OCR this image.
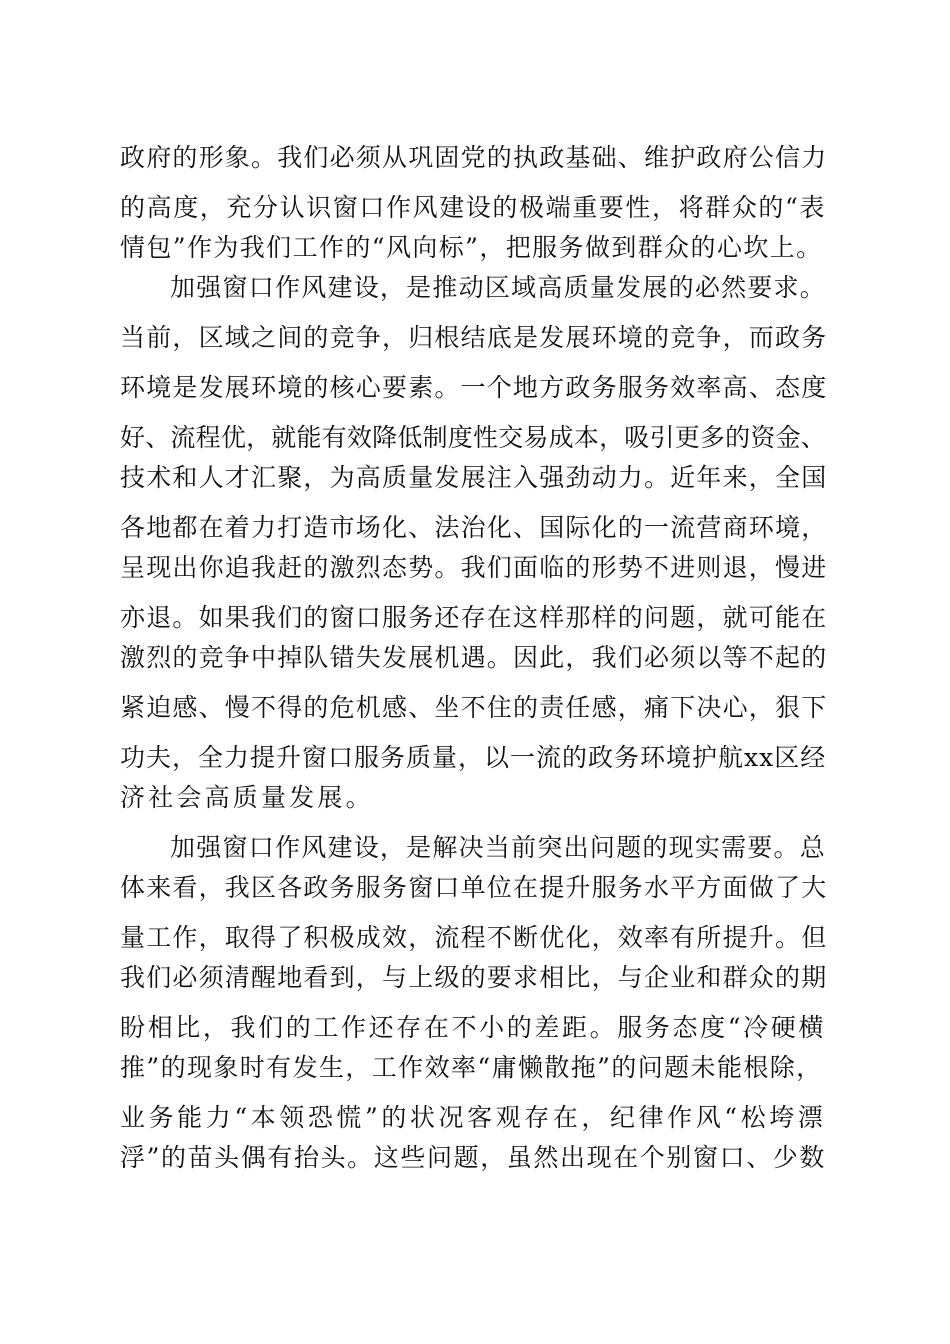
政府的形象。我们必须从巩固党的执政基础、维护政府公信力
的高度，充分认识窗口作风建设的极端重要性，将群众的“表
情包”作为我们工作的“风向标”，把服务做到群众的心坎上。
加强窗口作风建设，是推动区域高质量发展的必然要求。
当前，区域之间的竞争，归根结底是发展环境的竞争，而政务
环境是发展环境的核心要素。一个地方政务服务效率高、态度
好、流程优，就能有效降低制度性交易成本，吸引更多的资金、
技术和人才汇聚，为高质量发展注入强劲动力。近年来，全国
各地都在着力打造市场化、法治化、国际化的一流营商环境，
呈现出你追我赶的激烈态势。我们面临的形势不进则退，慢进
亦退。如果我们的窗口服务还存在这样那样的问题，就可能在
激烈的竞争中掉队错失发展机遇。因此，我们必须以等不起的
紧迫感、慢不得的危机感、坐不住的责任感，痛下决心，狠下
功夫，全力提升窗口服务质量，以一流的政务环境护航xx区经
济社会高质量发展。
加强窗口作风建设，是解决当前突出问题的现实需要。总
体来看，我区各政务服务窗口单位在提升服务水平方面做了大
量工作，取得了积极成效，流程不断优化，效率有所提升。但
我们必须清醒地看到，与上级的要求相比，与企业和群众的期
盼相比，我们的工作还存在不小的差距。服务态度“冷硬横
推”的现象时有发生，工作效率“庸懒散拖”的问题未能根除，
业务能力“本领恐慌”的状况客观存在，纪律作风“松垮漂
浮”的苗头偶有抬头。这些问题，虽然出现在个别窗口、少数
